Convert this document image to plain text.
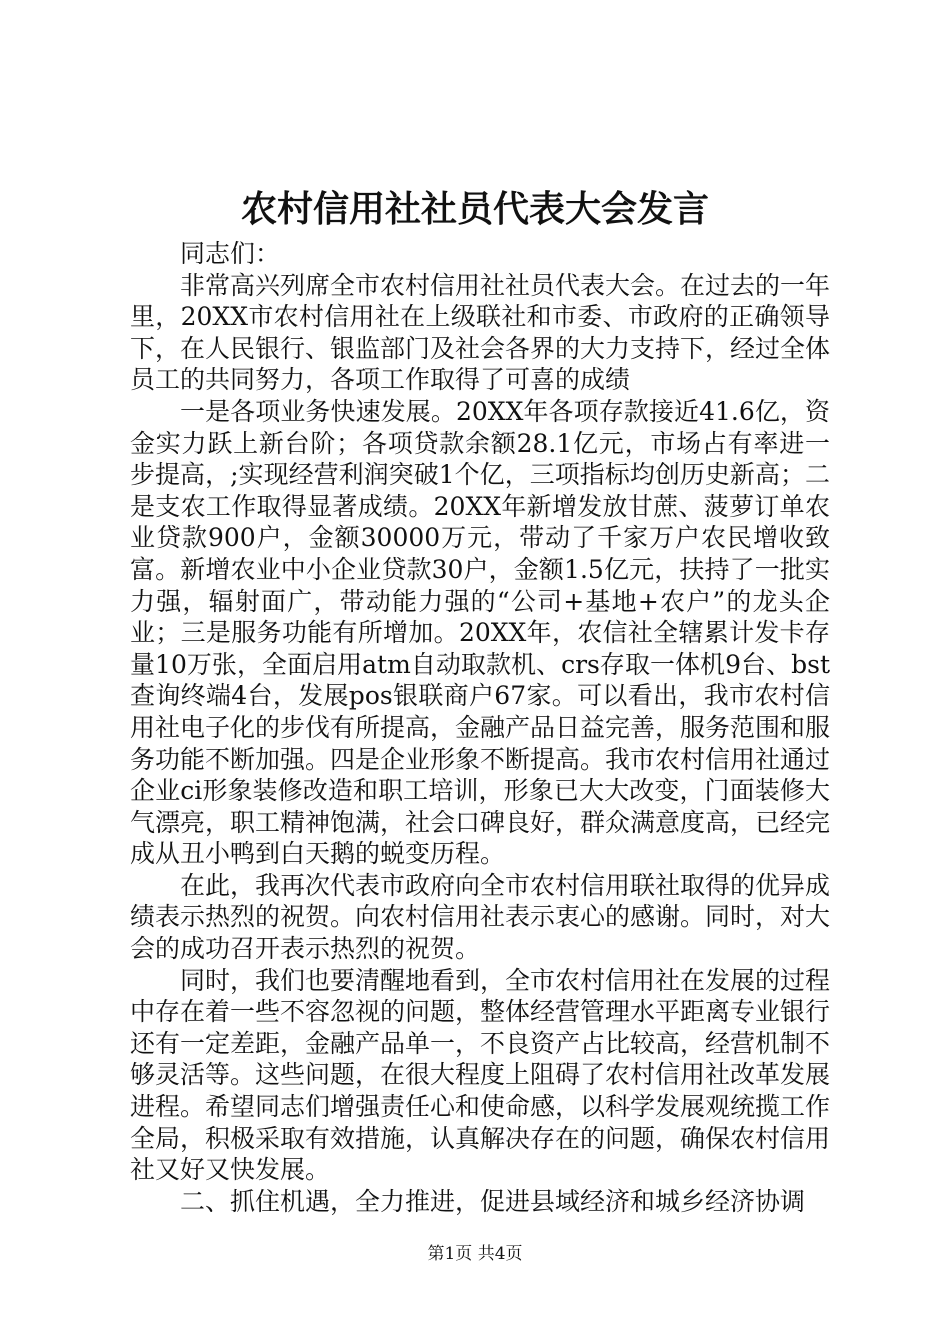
农村信用社社员代表大会发言

同志们：

非常高兴列席全市农村信用社社员代表大会。在过去的一年里，20XX市农村信用社在上级联社和市委、市政府的正确领导下，在人民银行、银监部门及社会各界的大力支持下，经过全体员工的共同努力，各项工作取得了可喜的成绩

一是各项业务快速发展。20XX年各项存款接近41.6亿，资金实力跃上新台阶；各项贷款余额28.1亿元，市场占有率进一步提高，;实现经营利润突破1个亿，三项指标均创历史新高；二是支农工作取得显著成绩。20XX年新增发放甘蔗、菠萝订单农业贷款900户，金额30000万元，带动了千家万户农民增收致富。新增农业中小企业贷款30户，金额1.5亿元，扶持了一批实力强，辐射面广，带动能力强的“公司+基地+农户”的龙头企业；三是服务功能有所增加。20XX年，农信社全辖累计发卡存量10万张，全面启用atm自动取款机、crs存取一体机9台、bst查询终端4台，发展pos银联商户67家。可以看出，我市农村信用社电子化的步伐有所提高，金融产品日益完善，服务范围和服务功能不断加强。四是企业形象不断提高。我市农村信用社通过企业ci形象装修改造和职工培训，形象已大大改变，门面装修大气漂亮，职工精神饱满，社会口碑良好，群众满意度高，已经完成从丑小鸭到白天鹅的蜕变历程。

在此，我再次代表市政府向全市农村信用联社取得的优异成绩表示热烈的祝贺。向农村信用社表示衷心的感谢。同时，对大会的成功召开表示热烈的祝贺。

同时，我们也要清醒地看到，全市农村信用社在发展的过程中存在着一些不容忽视的问题，整体经营管理水平距离专业银行还有一定差距，金融产品单一，不良资产占比较高，经营机制不够灵活等。这些问题，在很大程度上阻碍了农村信用社改革发展进程。希望同志们增强责任心和使命感，以科学发展观统揽工作全局，积极采取有效措施，认真解决存在的问题，确保农村信用社又好又快发展。

二、抓住机遇，全力推进，促进县域经济和城乡经济协调

第1页 共4页
